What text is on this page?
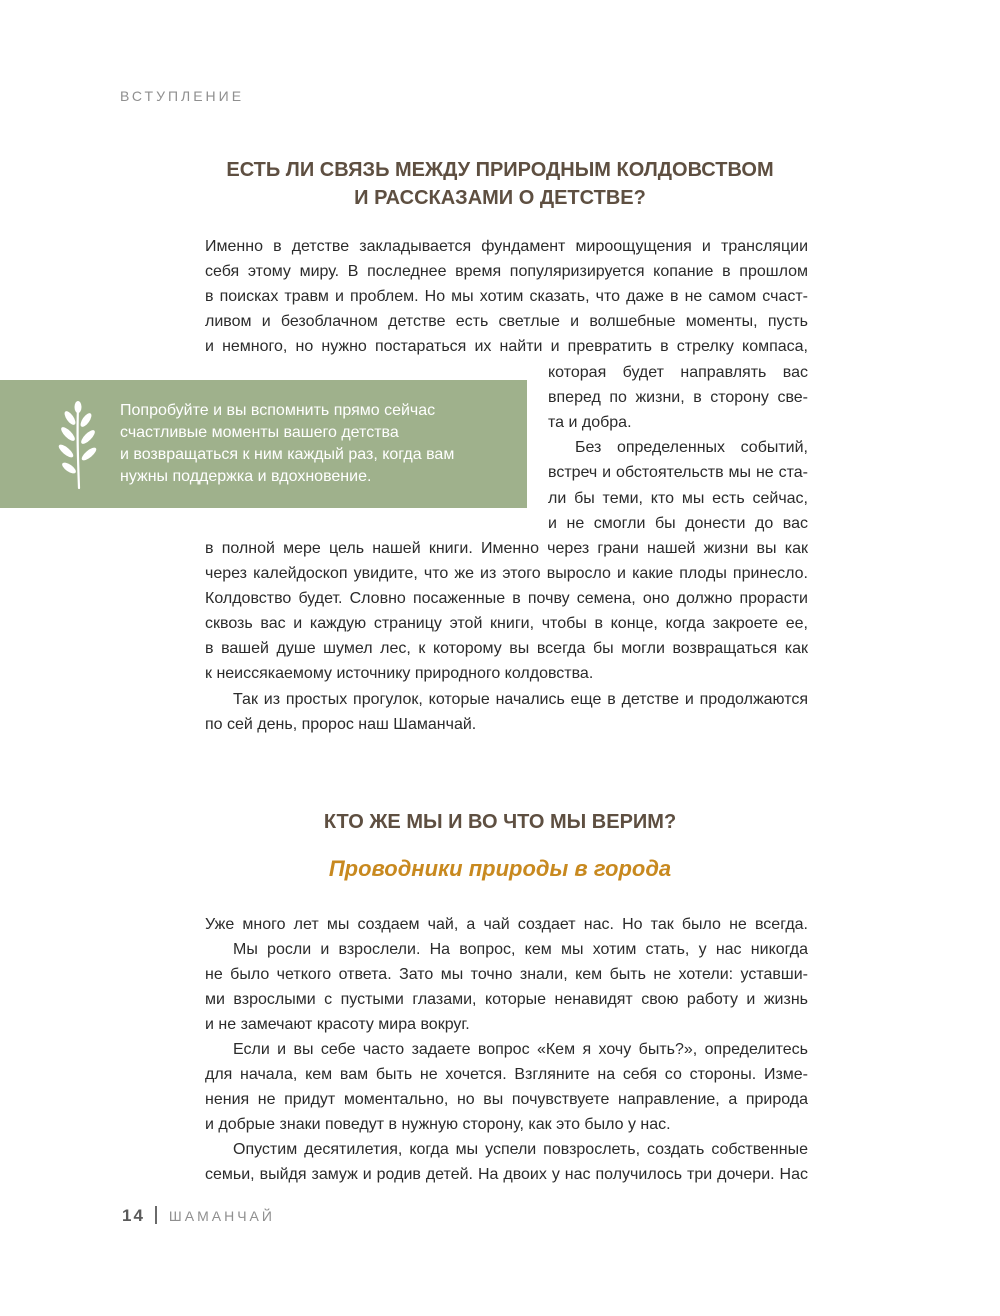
ВСТУПЛЕНИЕ
ЕСТЬ ЛИ СВЯЗЬ МЕЖДУ ПРИРОДНЫМ КОЛДОВСТВОМ
И РАССКАЗАМИ О ДЕТСТВЕ?

Именно в детстве закладывается фундамент мироощущения и трансляции

себя этому миру. В последнее время популяризируется копание в прошлом

в поисках травм и проблем. Но мы хотим сказать, что даже в не самом счаст-

ливом и безоблачном детстве есть светлые и волшебные моменты, пусть

и немного, но нужно постараться их найти и превратить в стрелку компаса,

которая будет направлять вас

вперед по жизни, в сторону све-

та и добра.

Без определенных событий,

встреч и обстоятельств мы не ста-

ли бы теми, кто мы есть сейчас,

и не смогли бы донести до вас

в полной мере цель нашей книги. Именно через грани нашей жизни вы как

через калейдоскоп увидите, что же из этого выросло и какие плоды принесло.

Колдовство будет. Словно посаженные в почву семена, оно должно прорасти

сквозь вас и каждую страницу этой книги, чтобы в конце, когда закроете ее,

в вашей душе шумел лес, к которому вы всегда бы могли возвращаться как

к неиссякаемому источнику природного колдовства.

Так из простых прогулок, которые начались еще в детстве и продолжаются

по сей день, пророс наш Шаманчай.

Попробуйте и вы вспомнить прямо сейчас
счастливые моменты вашего детства
и возвращаться к ним каждый раз, когда вам
нужны поддержка и вдохновение.

КТО ЖЕ МЫ И ВО ЧТО МЫ ВЕРИМ?
Проводники природы в города

Уже много лет мы создаем чай, а чай создает нас. Но так было не всегда.

Мы росли и взрослели. На вопрос, кем мы хотим стать, у нас никогда

не было четкого ответа. Зато мы точно знали, кем быть не хотели: уставши-

ми взрослыми с пустыми глазами, которые ненавидят свою работу и жизнь

и не замечают красоту мира вокруг.

Если и вы себе часто задаете вопрос «Кем я хочу быть?», определитесь

для начала, кем вам быть не хочется. Взгляните на себя со стороны. Изме-

нения не придут моментально, но вы почувствуете направление, а природа

и добрые знаки поведут в нужную сторону, как это было у нас.

Опустим десятилетия, когда мы успели повзрослеть, создать собственные

семьи, выйдя замуж и родив детей. На двоих у нас получилось три дочери. Нас

14 ШАМАНЧАЙ
